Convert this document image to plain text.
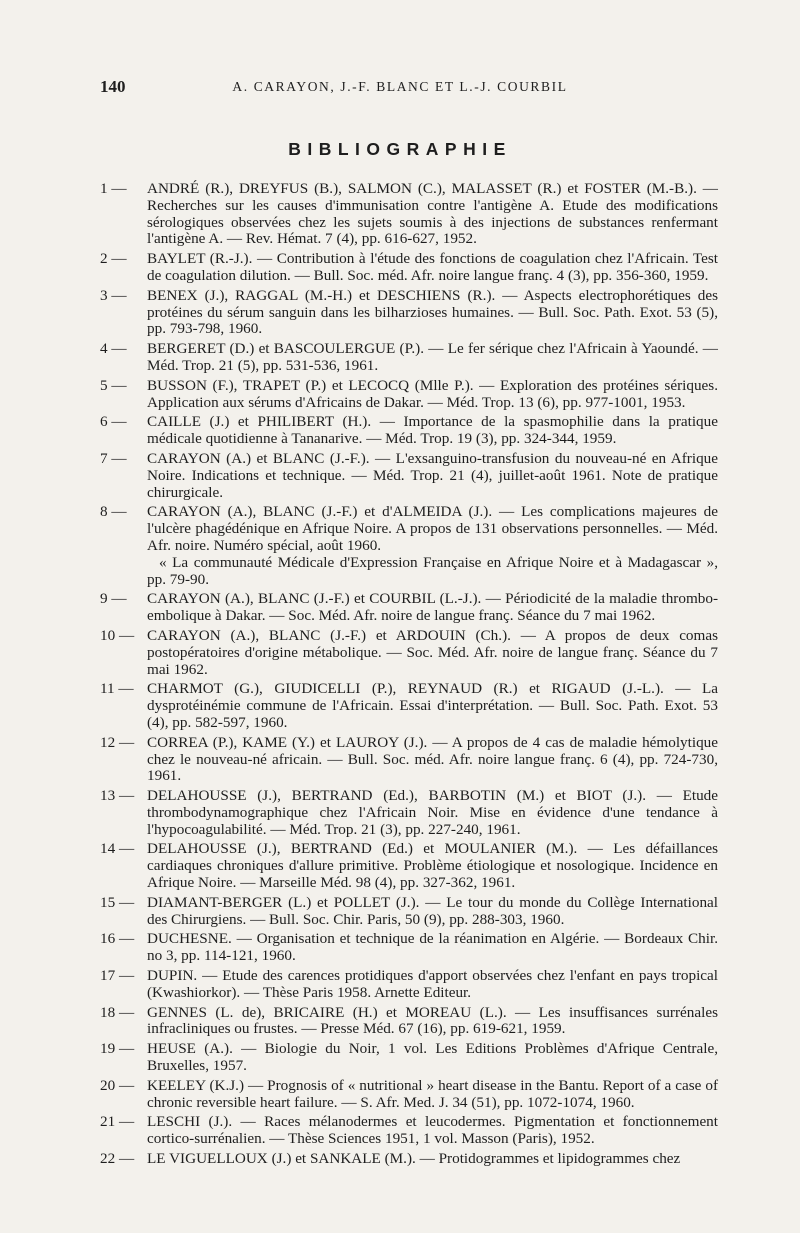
140	A. CARAYON, J.-F. BLANC ET L.-J. COURBIL
BIBLIOGRAPHIE
1 —	ANDRÉ (R.), DREYFUS (B.), SALMON (C.), MALASSET (R.) et FOSTER (M.-B.). — Recherches sur les causes d'immunisation contre l'antigène A. Etude des modifications sérologiques observées chez les sujets soumis à des injections de substances renfermant l'antigène A. — Rev. Hémat. 7 (4), pp. 616-627, 1952.
2 —	BAYLET (R.-J.). — Contribution à l'étude des fonctions de coagulation chez l'Africain. Test de coagulation dilution. — Bull. Soc. méd. Afr. noire langue franç. 4 (3), pp. 356-360, 1959.
3 —	BENEX (J.), RAGGAL (M.-H.) et DESCHIENS (R.). — Aspects electrophorétiques des protéines du sérum sanguin dans les bilharzioses humaines. — Bull. Soc. Path. Exot. 53 (5), pp. 793-798, 1960.
4 —	BERGERET (D.) et BASCOULERGUE (P.). — Le fer sérique chez l'Africain à Yaoundé. — Méd. Trop. 21 (5), pp. 531-536, 1961.
5 —	BUSSON (F.), TRAPET (P.) et LECOCQ (Mlle P.). — Exploration des protéines sériques. Application aux sérums d'Africains de Dakar. — Méd. Trop. 13 (6), pp. 977-1001, 1953.
6 —	CAILLE (J.) et PHILIBERT (H.). — Importance de la spasmophilie dans la pratique médicale quotidienne à Tananarive. — Méd. Trop. 19 (3), pp. 324-344, 1959.
7 —	CARAYON (A.) et BLANC (J.-F.). — L'exsanguino-transfusion du nouveau-né en Afrique Noire. Indications et technique. — Méd. Trop. 21 (4), juillet-août 1961. Note de pratique chirurgicale.
8 —	CARAYON (A.), BLANC (J.-F.) et d'ALMEIDA (J.). — Les complications majeures de l'ulcère phagédénique en Afrique Noire. A propos de 131 observations personnelles. — Méd. Afr. noire. Numéro spécial, août 1960.
« La communauté Médicale d'Expression Française en Afrique Noire et à Madagascar », pp. 79-90.
9 —	CARAYON (A.), BLANC (J.-F.) et COURBIL (L.-J.). — Périodicité de la maladie thrombo-embolique à Dakar. — Soc. Méd. Afr. noire de langue franç. Séance du 7 mai 1962.
10 — CARAYON (A.), BLANC (J.-F.) et ARDOUIN (Ch.). — A propos de deux comas postopératoires d'origine métabolique. — Soc. Méd. Afr. noire de langue franç. Séance du 7 mai 1962.
11 — CHARMOT (G.), GIUDICELLI (P.), REYNAUD (R.) et RIGAUD (J.-L.). — La dysprotéinémie commune de l'Africain. Essai d'interprétation. — Bull. Soc. Path. Exot. 53 (4), pp. 582-597, 1960.
12 — CORREA (P.), KAME (Y.) et LAUROY (J.). — A propos de 4 cas de maladie hémolytique chez le nouveau-né africain. — Bull. Soc. méd. Afr. noire langue franç. 6 (4), pp. 724-730, 1961.
13 — DELAHOUSSE (J.), BERTRAND (Ed.), BARBOTIN (M.) et BIOT (J.). — Etude thrombodynamographique chez l'Africain Noir. Mise en évidence d'une tendance à l'hypocoagulabilité. — Méd. Trop. 21 (3), pp. 227-240, 1961.
14 — DELAHOUSSE (J.), BERTRAND (Ed.) et MOULANIER (M.). — Les défaillances cardiaques chroniques d'allure primitive. Problème étiologique et nosologique. Incidence en Afrique Noire. — Marseille Méd. 98 (4), pp. 327-362, 1961.
15 — DIAMANT-BERGER (L.) et POLLET (J.). — Le tour du monde du Collège International des Chirurgiens. — Bull. Soc. Chir. Paris, 50 (9), pp. 288-303, 1960.
16 — DUCHESNE. — Organisation et technique de la réanimation en Algérie. — Bordeaux Chir. no 3, pp. 114-121, 1960.
17 — DUPIN. — Etude des carences protidiques d'apport observées chez l'enfant en pays tropical (Kwashiorkor). — Thèse Paris 1958. Arnette Editeur.
18 — GENNES (L. de), BRICAIRE (H.) et MOREAU (L.). — Les insuffisances surrénales infracliniques ou frustes. — Presse Méd. 67 (16), pp. 619-621, 1959.
19 — HEUSE (A.). — Biologie du Noir, 1 vol. Les Editions Problèmes d'Afrique Centrale, Bruxelles, 1957.
20 — KEELEY (K.J.) — Prognosis of « nutritional » heart disease in the Bantu. Report of a case of chronic reversible heart failure. — S. Afr. Med. J. 34 (51), pp. 1072-1074, 1960.
21 — LESCHI (J.). — Races mélanodermes et leucodermes. Pigmentation et fonctionnement cortico-surrénalien. — Thèse Sciences 1951, 1 vol. Masson (Paris), 1952.
22 — LE VIGUELLOUX (J.) et SANKALE (M.). — Protidogrammes et lipidogrammes chez
